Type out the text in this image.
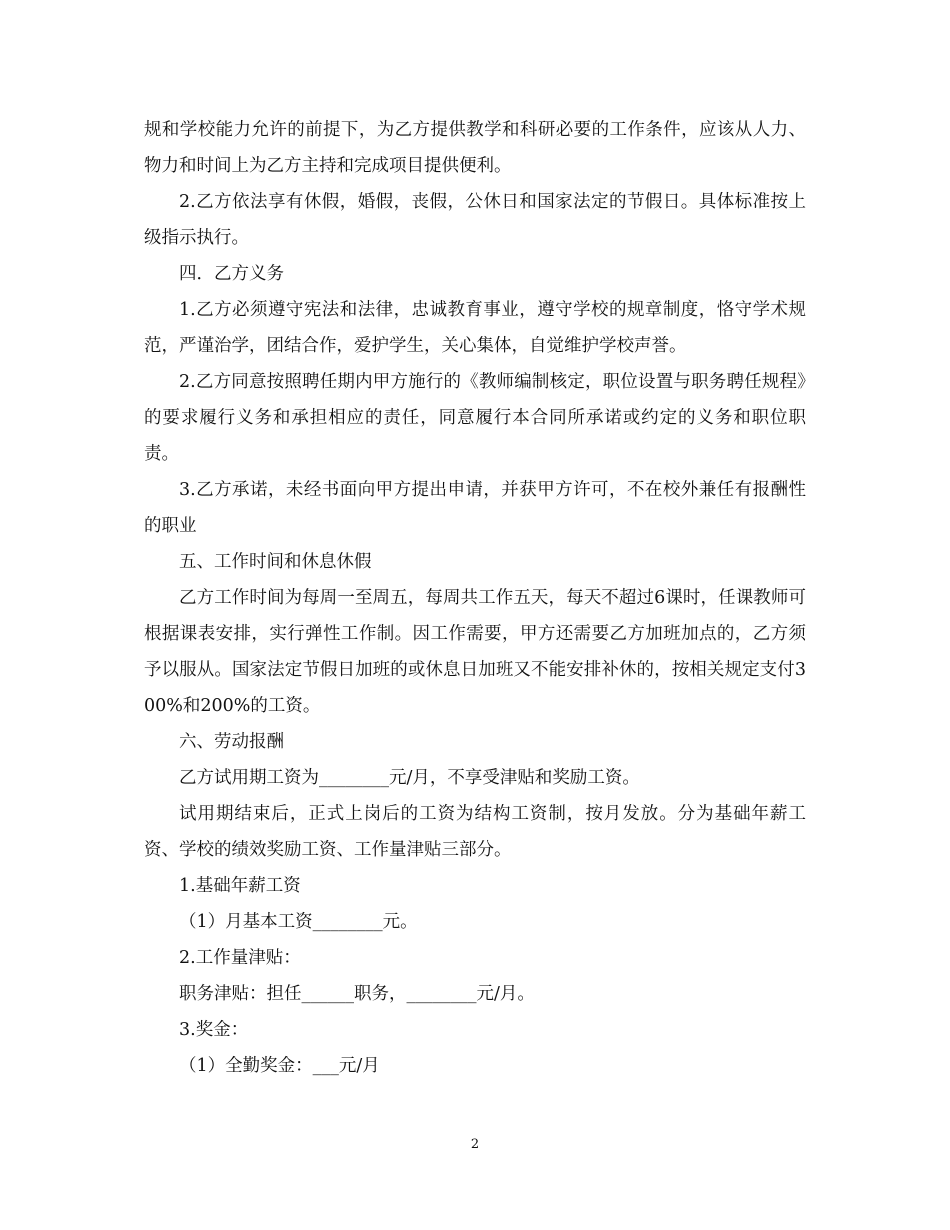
规和学校能力允许的前提下，为乙方提供教学和科研必要的工作条件，应该从人力、物力和时间上为乙方主持和完成项目提供便利。

2.乙方依法享有休假，婚假，丧假，公休日和国家法定的节假日。具体标准按上级指示执行。

四．乙方义务

1.乙方必须遵守宪法和法律，忠诚教育事业，遵守学校的规章制度，恪守学术规范，严谨治学，团结合作，爱护学生，关心集体，自觉维护学校声誉。

2.乙方同意按照聘任期内甲方施行的《教师编制核定，职位设置与职务聘任规程》的要求履行义务和承担相应的责任，同意履行本合同所承诺或约定的义务和职位职责。

3.乙方承诺，未经书面向甲方提出申请，并获甲方许可，不在校外兼任有报酬性的职业

五、工作时间和休息休假

乙方工作时间为每周一至周五，每周共工作五天，每天不超过6课时，任课教师可根据课表安排，实行弹性工作制。因工作需要，甲方还需要乙方加班加点的，乙方须予以服从。国家法定节假日加班的或休息日加班又不能安排补休的，按相关规定支付300%和200%的工资。

六、劳动报酬

乙方试用期工资为________元/月，不享受津贴和奖励工资。

试用期结束后，正式上岗后的工资为结构工资制，按月发放。分为基础年薪工资、学校的绩效奖励工资、工作量津贴三部分。

1.基础年薪工资

（1）月基本工资________元。

2.工作量津贴：

职务津贴：担任______职务，________元/月。

3.奖金：

（1）全勤奖金：___元/月

2
